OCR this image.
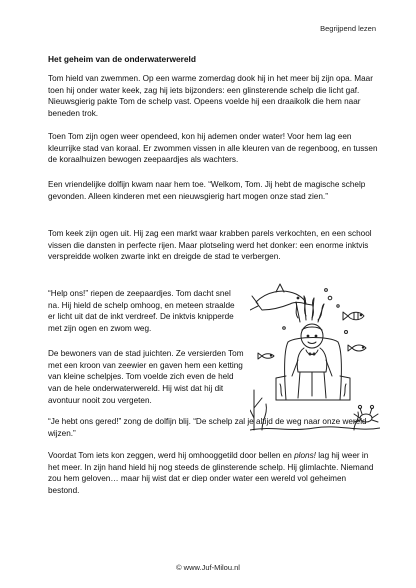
Begrijpend lezen
Het geheim van de onderwaterwereld

Tom hield van zwemmen. Op een warme zomerdag dook hij in het meer bij zijn opa. Maar toen hij onder water keek, zag hij iets bijzonders: een glinsterende schelp die licht gaf. Nieuwsgierig pakte Tom de schelp vast. Opeens voelde hij een draaikolk die hem naar beneden trok.

Toen Tom zijn ogen weer opendeed, kon hij ademen onder water! Voor hem lag een kleurrijke stad van koraal. Er zwommen vissen in alle kleuren van de regenboog, en tussen de koraalhuizen bewogen zeepaardjes als wachters.

Een vriendelijke dolfijn kwam naar hem toe. “Welkom, Tom. Jij hebt de magische schelp gevonden. Alleen kinderen met een nieuwsgierig hart mogen onze stad zien.”

Tom keek zijn ogen uit. Hij zag een markt waar krabben parels verkochten, en een school vissen die dansten in perfecte rijen. Maar plotseling werd het donker: een enorme inktvis verspreidde wolken zwarte inkt en dreigde de stad te verbergen.

“Help ons!” riepen de zeepaardjes. Tom dacht snel na. Hij hield de schelp omhoog, en meteen straalde er licht uit dat de inkt verdreef. De inktvis knipperde met zijn ogen en zwom weg.

De bewoners van de stad juichten. Ze versierden Tom met een kroon van zeewier en gaven hem een ketting van kleine schelpjes. Tom voelde zich even de held van de hele onderwaterwereld. Hij wist dat hij dit avontuur nooit zou vergeten.

“Je hebt ons gered!” zong de dolfijn blij. “De schelp zal je altijd de weg naar onze wereld wijzen.”

Voordat Tom iets kon zeggen, werd hij omhooggetild door bellen en plons! lag hij weer in het meer. In zijn hand hield hij nog steeds de glinsterende schelp. Hij glimlachte. Niemand zou hem geloven… maar hij wist dat er diep onder water een wereld vol geheimen bestond.

© www.Juf-Milou.nl
